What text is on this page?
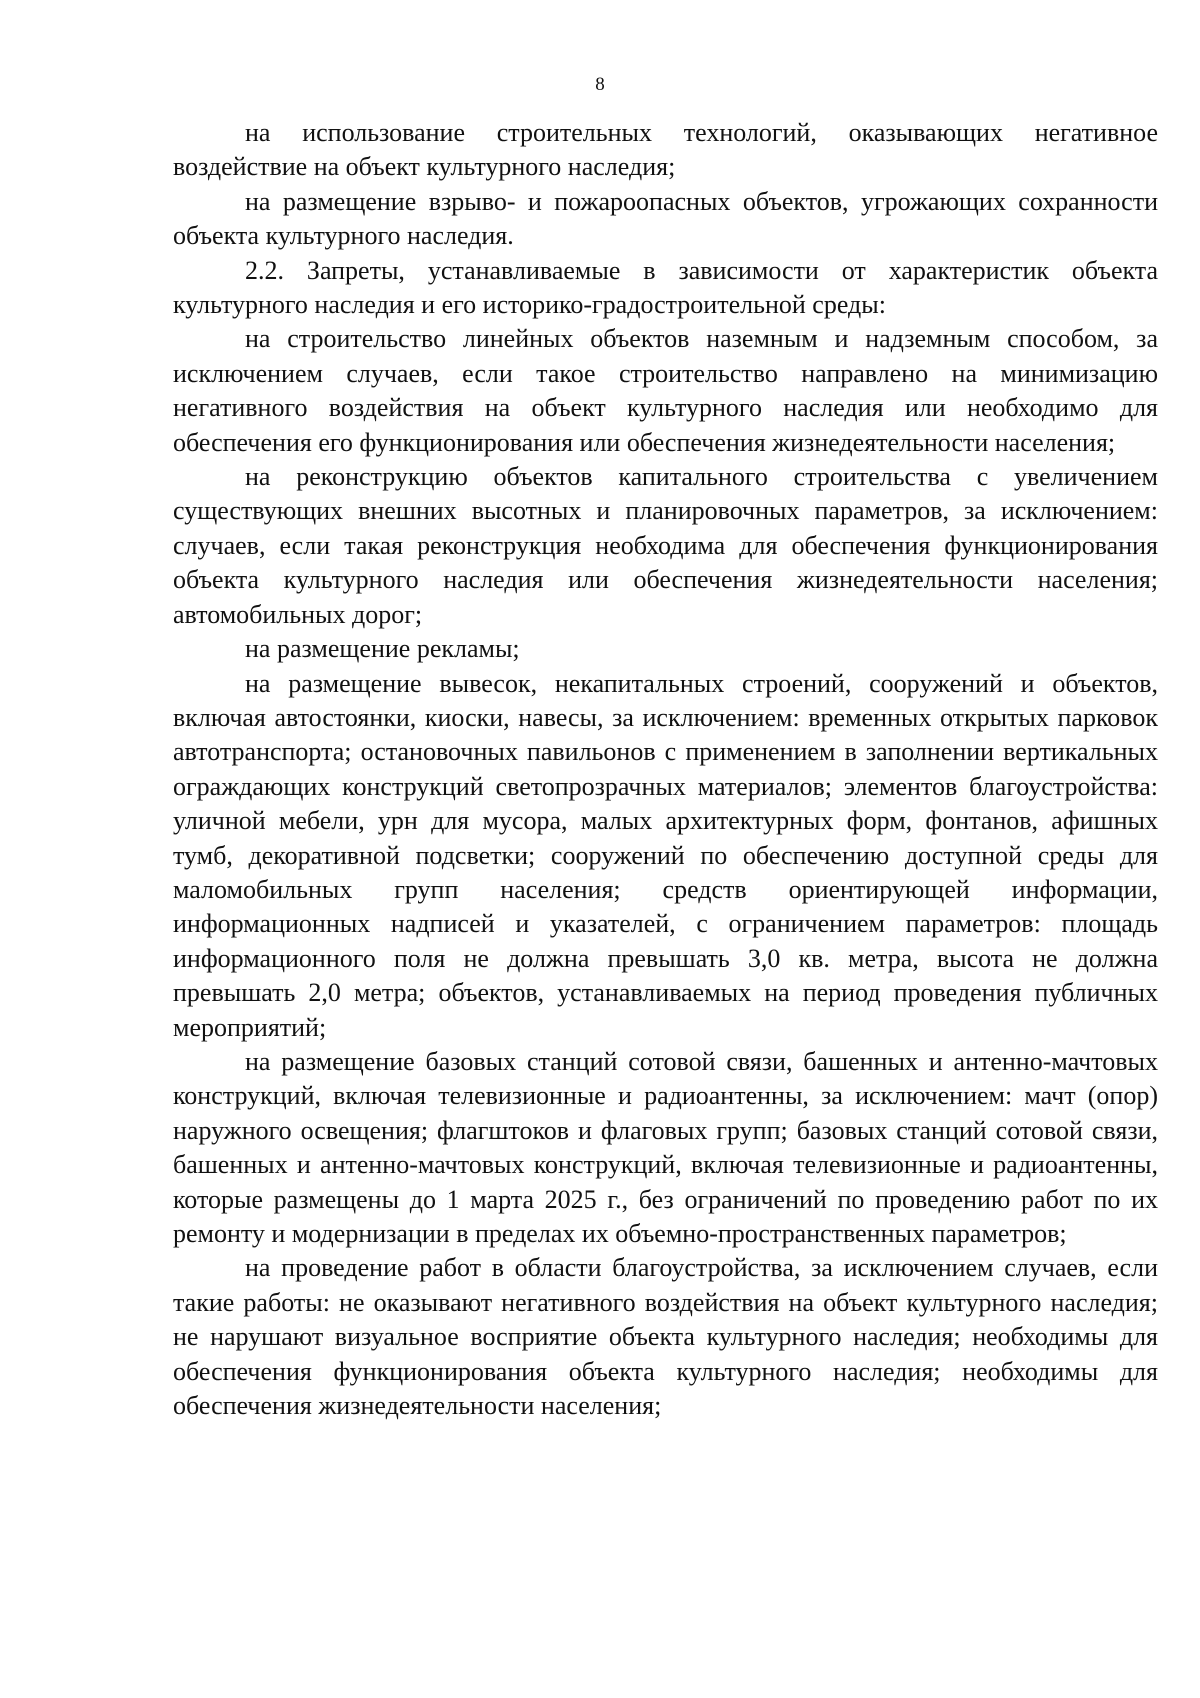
8

на использование строительных технологий, оказывающих негативное воздействие на объект культурного наследия;

на размещение взрыво- и пожароопасных объектов, угрожающих сохранности объекта культурного наследия.

2.2. Запреты, устанавливаемые в зависимости от характеристик объекта культурного наследия и его историко-градостроительной среды:

на строительство линейных объектов наземным и надземным способом, за исключением случаев, если такое строительство направлено на минимизацию негативного воздействия на объект культурного наследия или необходимо для обеспечения его функционирования или обеспечения жизнедеятельности населения;

на реконструкцию объектов капитального строительства с увеличением существующих внешних высотных и планировочных параметров, за исключением: случаев, если такая реконструкция необходима для обеспечения функционирования объекта культурного наследия или обеспечения жизнедеятельности населения; автомобильных дорог;

на размещение рекламы;

на размещение вывесок, некапитальных строений, сооружений и объектов, включая автостоянки, киоски, навесы, за исключением: временных открытых парковок автотранспорта; остановочных павильонов с применением в заполнении вертикальных ограждающих конструкций светопрозрачных материалов; элементов благоустройства: уличной мебели, урн для мусора, малых архитектурных форм, фонтанов, афишных тумб, декоративной подсветки; сооружений по обеспечению доступной среды для маломобильных групп населения; средств ориентирующей информации, информационных надписей и указателей, с ограничением параметров: площадь информационного поля не должна превышать 3,0 кв. метра, высота не должна превышать 2,0 метра; объектов, устанавливаемых на период проведения публичных мероприятий;

на размещение базовых станций сотовой связи, башенных и антенно-мачтовых конструкций, включая телевизионные и радиоантенны, за исключением: мачт (опор) наружного освещения; флагштоков и флаговых групп; базовых станций сотовой связи, башенных и антенно-мачтовых конструкций, включая телевизионные и радиоантенны, которые размещены до 1 марта 2025 г., без ограничений по проведению работ по их ремонту и модернизации в пределах их объемно-пространственных параметров;

на проведение работ в области благоустройства, за исключением случаев, если такие работы: не оказывают негативного воздействия на объект культурного наследия; не нарушают визуальное восприятие объекта культурного наследия; необходимы для обеспечения функционирования объекта культурного наследия; необходимы для обеспечения жизнедеятельности населения;
